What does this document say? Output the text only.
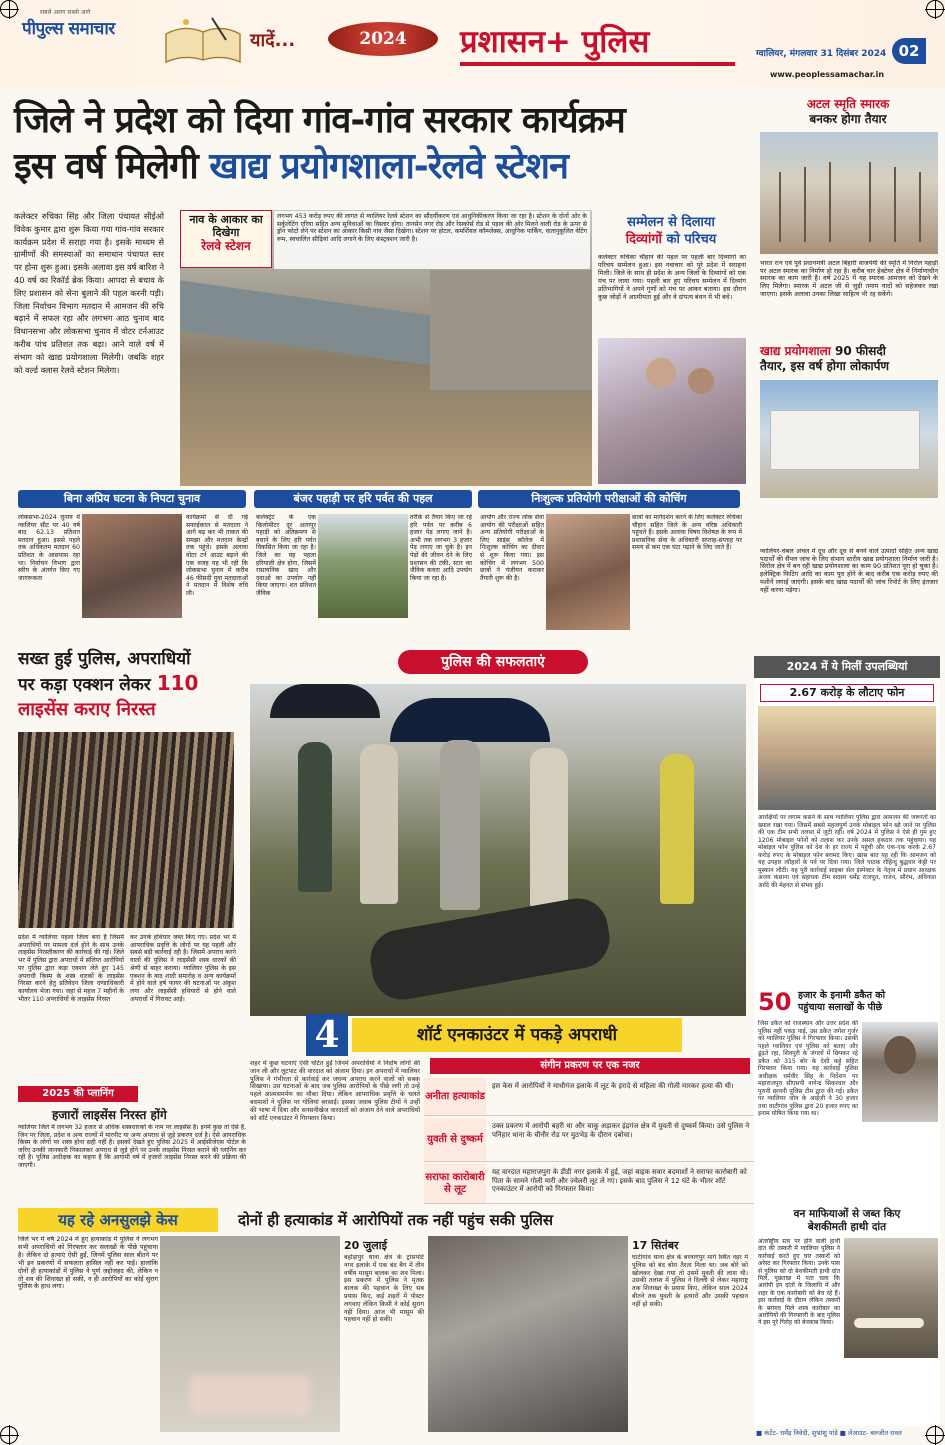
सबसे अलग सबसे आगे
पीपुल्स समाचार
यादें...	2024	प्रशासन+ पुलिस	ग्वालियर, मंगलवार 31 दिसंबर 2024 02
www.peoplessamachar.in
जिले ने प्रदेश को दिया गांव-गांव सरकार कार्यक्रम
इस वर्ष मिलेगी खाद्य प्रयोगशाला-रेलवे स्टेशन
कलेक्टर रुचिका सिंह और जिला पंचायत सीईओ विवेक कुमार द्वारा शुरू किया गया गांव-गांव सरकार कार्यक्रम प्रदेश में सराहा गया है। इसके माध्यम से ग्रामीणों की समस्याओं का समाधान पंचायत स्तर पर होना शुरू हुआ। इसके अलावा इस वर्ष बारिश ने 40 वर्ष का रिकॉर्ड ब्रेक किया। आपदा से बचाव के लिए प्रशासन को सेना बुलाने की पहल करनी पड़ी। जिला निर्वाचन विभाग मतदान में आमजन की रुचि बढ़ाने में सफल रहा और लगभग आठ चुनाव बाद विधानसभा और लोकसभा चुनाव में वोटर टर्नआउट करीब पांच प्रतिशत तक बढ़ा। आने वाले वर्ष में संभाग को खाद्य प्रयोगशाला मिलेगी। जबकि शहर को वर्ल्ड क्लास रेलवे स्टेशन मिलेगा।
नाव के आकार का दिखेगा
रेलवे स्टेशन
लगभग 453 करोड़ रुपए की लागत से ग्वालियर रेलवे स्टेशन का सौंदर्यीकरण एवं आधुनिकीकरण किया जा रहा है। स्टेशन के दोनों ओर के सर्कुलेटिंग एरिया सहित अन्य सुविधाओं का विस्तार होगा। तानसेन नगर रोड और रेसकोर्स रोड से पड़ाव की ओर मिलने वाली रोड के ऊपर से ड्रोन फोटो लेने पर स्टेशन का आकार किसी नाव जैसा दिखेगा। स्टेशन पर होटल, कमर्शियल कॉम्प्लेक्स, आधुनिक पार्किंग, वातानुकूलित वेटिंग रूम, स्वचालित सीढ़ियां आदि लगाने के लिए कंस्ट्रक्शन जारी है।
सम्मेलन से दिलाया
दिव्यांगों को परिचय
कलेक्टर रुचिका चौहान की पहल पर पहली बार दिव्यांगों का परिचय सम्मेलन हुआ। इस नवाचार को पूरे प्रदेश में सराहना मिली। जिले के साथ ही प्रदेश के अन्य जिलों के दिव्यांगों को एक मंच पर लाया गया। पहली बार हुए परिचय सम्मेलन में दिव्यांग प्रतिभागियों ने अपने गुणों को मंच पर आकर बताया। इस दौरान कुछ जोड़ों ने आत्मीयता हुई और वे दांपत्य बंधन में भी बंधे।
अटल स्मृति स्मारक
बनकर होगा तैयार
भारत रत्न एवं पूर्व प्रधानमंत्री अटल बिहारी वाजपेयी की स्मृति में निरोल पहाड़ी पर अटल स्मारक का निर्माण हो रहा है। करीब चार हेक्टेयर क्षेत्र में निर्माणाधीन स्मारक का काम जारी है। वर्ष 2025 में यह स्मारक आमजन को देखने के लिए मिलेगा। स्मारक में अटल जी से जुड़ी तमाम यादों को सहेजकर रखा जाएगा। इसके अलावा उनका लिखा साहित्य भी रह सकेंगे।
खाद्य प्रयोगशाला 90 फीसदी
तैयार, इस वर्ष होगा लोकार्पण
ग्वालियर-चंबल अंचल में दूध और दूध से बनने वाले उत्पादों सहित अन्य खाद्य पदार्थों की सैंपल जांच के लिए संभाग स्तरीय खाद्य प्रयोगशाला निर्माण जारी है। सिरोल क्षेत्र में बन रही खाद्य प्रयोगशाला का काम 90 प्रतिशत पूरा हो चुका है। इलेक्ट्रिक फिटिंग आदि का काम पूरा होने के बाद करीब एक करोड़ रुपए की मशीनें लगाई जाएंगी। इसके बाद खाद्य पदार्थों की जांच रिपोर्ट के लिए इंतजार नहीं करना पड़ेगा।
बिना अप्रिय घटना के निपटा चुनाव
लोकसभा-2024 चुनाव में ग्वालियर सीट पर 40 वर्ष बाद 62.13 प्रतिशत मतदान हुआ। इससे पहले तक अधिकतम मतदान 60 प्रतिशत के आसपास रहा था। निर्वाचन विभाग द्वारा स्वीप के अंतर्गत किए गए जागरूकता
कार्यक्रमों से दी गई सफाईकाल से मतदाता ने आगे बढ़ कर भी ताकत की समझा और मतदान केन्द्रों तक पहुंचे। इसके अलावा वोटर टर्न आउट बढ़ाने की एक वजह यह भी रही कि लोकसभा चुनाव में करीब 46 फीसदी युवा मतदाताओं ने मतदान में विशेष रुचि ली।
बंजर पहाड़ी पर हरि पर्वत की पहल
कलेक्ट्रेट के एक किलोमीटर दूर अलापुर पहाड़ी को अतिक्रमण से बचाने के लिए हरि पर्वत विकसित किया जा रहा है। जिले का यह पहला हरियाली क्षेत्र होगा, जिसमें रासायनिक खाद और दवाओं का उपयोग नहीं किया जाएगा। शत प्रतिशत जैविक
तरीके से तैयार किए जा रहे हरि पर्वत पर करीब 6 हजार पेड़ लगाए जाने है। अभी तक लगभग 3 हजार पेड़ लगाए जा चुके है। इन पेड़ों की जीवन देने के लिए प्रशासन की टंकी, स्टार का जैविक कचरा आदि उपयोग किया जा रहा है।
निःशुल्क प्रतियोगी परीक्षाओं की कोचिंग
आयोग और राज्य लोक सेवा आयोग की परीक्षाओं सहित अन्य प्रतियोगी परीक्षाओं के लिए साइंस कॉलेज में निःशुल्क कोचिंग का दीवार से शुरू किया गया। इस कोचिंग में लगभग 500 छात्रों ने पंजीयन कराकर तैयारी शुरू की है।
छात्रों का मार्गदर्शन करने के लिए कलेक्टर रुचिका चौहान सहित जिले के अन्य वरिष्ठ अधिकारी पहुंचते हैं। इसके अलावा विषय विशेषज्ञ के रूप में प्रशासनिक सेवा के अधिकारी सप्ताह-सप्ताह पर समय से कम एक घंटा पढ़ाने के लिए जाते हैं।
सख्त हुई पुलिस, अपराधियों
पर कड़ा एक्शन लेकर 110
लाइसेंस कराए निरस्त
प्रदेश में ग्वालियर पहला जिला बना है जिसमें अपराधियों पर मामला दर्ज होने के साथ उनके लाइसेंस निरस्तीकरण की कार्रवाई की गई। जिले भर में पुलिस द्वारा अपराधों में संलिप्त आरोपियों पर पुलिस द्वारा कड़ा एक्शन लेते हुए 145 अपराधी किस्म के शस्त्र धारकों के लाइसेंस निरस्त करने हेतु प्रतिवेदन जिला दण्डाधिकारी कार्यालय भेजा गया। जहां से महज 7 महीनों के भीतर 110 अपराधियों के लाइसेंस निरस्त
कर उनके हथियार जब्त किए गए। प्रदेश भर में आपराधिक प्रवृत्ति के लोगों पर यह पहली और सबसे बड़ी कार्रवाई रही है। जिसमें अपराध करने वालों की पुलिस ने लाइसेंसी शस्त्र धारकों की श्रेणी से बाहर कराया। ग्वालियर पुलिस के इस एक्शन के बाद शादी समारोह व अन्य कार्यक्रमों में होने वाले हर्ष फायर की घटनाओं पर अंकुश लगा और लाइसेंसी हथियारों से होने वाले अपराधों में गिरावट आई।
2025 की प्लानिंग
हजारों लाइसेंस निरस्त होंगे
ग्वालियर जिले में लगभग 32 हजार से अधिक शस्त्रधारकों के नाम पर लाइसेंस है। इनमें कुछ तो ऐसे हैं, जिन पर जिला, प्रदेश व अन्य राज्यों में मारपीट या अन्य अपराध से जुड़े प्रकरण दर्ज है। ऐसे आपराधिक किस्म के लोगों पर शस्त्र होना सही नहीं है। इसको देखते हुए पुलिस 2025 में आईसीजेएस पोर्टल के जरिए उनकी जानकारी निकालकर अपराध से जुड़े होने पर उनके लाइसेंस निरस्त कराने की प्लानिंग कर रही है। पुलिस अधीक्षक का कहना है कि आगामी वर्ष में हजारों लाइसेंस निरस्त करने की प्रक्रिया की जाएगी।
पुलिस की सफलताएं
4	शॉर्ट एनकाउंटर में पकड़े अपराधी
शहर में कुछ घटनाएं ऐसी घटित हुईं जिनमें अपराधियों ने निर्दोष लोगों की जान ली और लूटपाट की वारदात को अंजाम दिया। इन अपराधों में ग्वालियर पुलिस ने गंभीरता से कार्रवाई कर जघन्य अपराध करने वालों को सबक सिखाया। उस घटनाओं के बाद जब पुलिस आरोपियों के पीछे लगी तो उन्हें पहले आत्मसमर्पण का मौका दिया। लेकिन आपराधिक प्रवृत्ति के चलते बदमाशों ने पुलिस पर गोलियां बरसाईं। इसका जवाब पुलिस टीमों ने उन्हीं की भाषा में दिया और सनसनीखेज वारदातों को अंजाम देने वाले अपराधियों को शॉर्ट एनकाउंटर में गिरफ्तार किया।
संगीन प्रकरण पर एक नजर
अनीता हत्याकांड
इस केस में आरोपियों ने माधौगंज इलाके में लूट के इरादे से महिला की गोली मारकर हत्या की थी।
युवती से दुष्कर्म
उक्त प्रकरण में आरोपी बहरी था और चाकू अड़ाकर इंद्रगंज क्षेत्र में युवती से दुष्कर्म किया। उसे पुलिस ने पनिहार थाना के चीनौर रोड पर मुठभेड़ के दौरान दबोचा।
सराफा कारोबारी से लूट
यह वारदात महाराजपुरा के डीडी नगर इलाके में हुई, जहां बाइक सवार बदमाशों ने सराफा कारोबारी को पिता के सामने गोली मारी और ज्वेलरी लूट ले गए। इसके बाद पुलिस ने 12 घंटे के भीतर शॉर्ट एनकाउंटर में आरोपी को गिरफ्तार किया।
2024 में ये मिलीं उपलब्धियां
2.67 करोड़ के लौटाए फोन
आरक्षियों पर लगाम कसने के साथ ग्वालियर पुलिस द्वारा आमजन की जरूरतों का ख्याल रखा गया। जिसमें सबसे महत्वपूर्ण उनके मोबाइल फोन खो जाने पर पुलिस की एक टीम सभी तलाश में जुटी रही। वर्ष 2024 में पुलिस ने ऐसे ही गुम हुए 1206 मोबाइल फोनों को तलाश कर उनके असल हकदार तक पहुंचाया। यह मोबाइल फोन पुलिस को देश के हर राज्य में पहुंची और एक-एक करके 2.67 करोड़ रुपए के मोबाइल फोन बरामद किए। खास बात यह रही कि आमजन को यह उपहार त्यौहारों के पर्व पर दिया गया। जिले पाठक रोहिन्दु बुद्धवार केट्टी पर मुस्कान लौटी। यह पूरी कार्रवाई साइबर सेल इंस्पेक्टर के नेतृत्व में प्रधान आरक्षक अजय कंसाना एवं सहायक टीम सदस्य धर्मेंद्र राजपूत, राजन, सौरभ, अविनाश आदि की मेहनत से संभव हुई।
50 हजार के इनामी डकैत को
पहुंचाया सलाखों के पीछे
जिस डकैत को राजस्थान और उत्तर प्रदेश की पुलिस नहीं पकड़ पाई, उस डकैत जगेश गुर्जर को ग्वालियर पुलिस ने गिरफ्तार किया। उसकी पहले ग्वालियर एवं पुलिस को बताए और ढूंढ़ते रहा, शिवपुरी के जंगलों में छिपकर रहे डकैत को 315 बोर के देशी कट्टे सहित गिरफ्तार किया गया। यह कार्रवाई पुलिस अधीक्षक धर्मवीर सिंह के निर्देशन पर महाराजपुरा सीएसपी नागेन्द्र सिकरवार और पुरानी छावनी पुलिस टीम द्वारा की गई। डकैत पर ग्वालियर जोन के आईजी ने 30 हजार तथा घाटीगांव पुलिस द्वारा 20 हजार रुपए का इनाम घोषित किया गया था।
वन माफियाओं से जब्त किए
बेशकीमती हाथी दांत
अंतर्राष्ट्रीय स्तर पर होने वाली हाथी दांत की तस्करी में ग्वालियर पुलिस ने कार्रवाई करते हुए चार तस्करों को अरेस्ट कर गिरफ्तार किया। उनके पास से पुलिस को दो बेशकीमती हाथी दांत मिले, पूछताछ में पता चला कि आरोपी इन दांतों के जिलाधि में और शहर के एक कारोबारी को बेच रहे हैं। इस कार्रवाई के दौरान लेकिन तस्करों के बरामद मिले शस्त्र कारोबार का आरोपियों की गिरफ्तारी के बाद पुलिस ने इस पूरे गिरोह को बेनकाब किया।
यह रहे अनसुलझे केस	दोनों ही हत्याकांड में आरोपियों तक नहीं पहुंच सकी पुलिस
जिले भर में वर्ष 2024 में हुए हत्याकांड में पुलिस ने लगभग सभी अपराधियों को गिरफ्तार कर सलाखों के पीछे पहुंचाया है। लेकिन दो हत्याएं ऐसी हुईं, जिनमें पुलिस साल बीतने पर भी इन प्रकरणों में सफलता हासिल नहीं कर पाई। हालांकि दोनों ही हत्याकांडों में पुलिस ने पूर्ण जद्दोजहद की, लेकिन न तो शव की शिनाख्त हो सकी, न ही आरोपियों का कोई सुराग पुलिस के हाथ लगा।
20 जुलाई
बहोड़ापुर थाना क्षेत्र के ट्रांसपोर्ट नगर इलाके में एक बंद बैग में तीन वर्षीय मासूम बालक का शव मिला। इस प्रकरण में पुलिस ने मृतक बालक की पहचान के लिए सब प्रयास किए, कई शहरों में पोस्टर लगवाए लेकिन किसी ने कोई सुराग नहीं दिया। आज भी मासूम की पहचान नहीं हो सकी।
17 सितंबर
घाटीगांव थाना क्षेत्र के बरनागपुर मार्ग स्थित नहर में पुलिस को बंद बोरा तैरता मिला था। जब बोरे को खोलकर देखा गया तो उसमें युवती की लाश थी। उसकी तलाश में पुलिस ने दिल्ली से लेकर महाराष्ट्र तक शिनाख्त के प्रयास किए, लेकिन साल 2024 बीतने तक युवती के हत्यारों और उसकी पहचान नहीं हो सकी।
■ कंटेंट- धर्मेंद्र त्रिवेदी, शुभ्रांशु पांडे ■ लेआउट- बरुजीत रावत
